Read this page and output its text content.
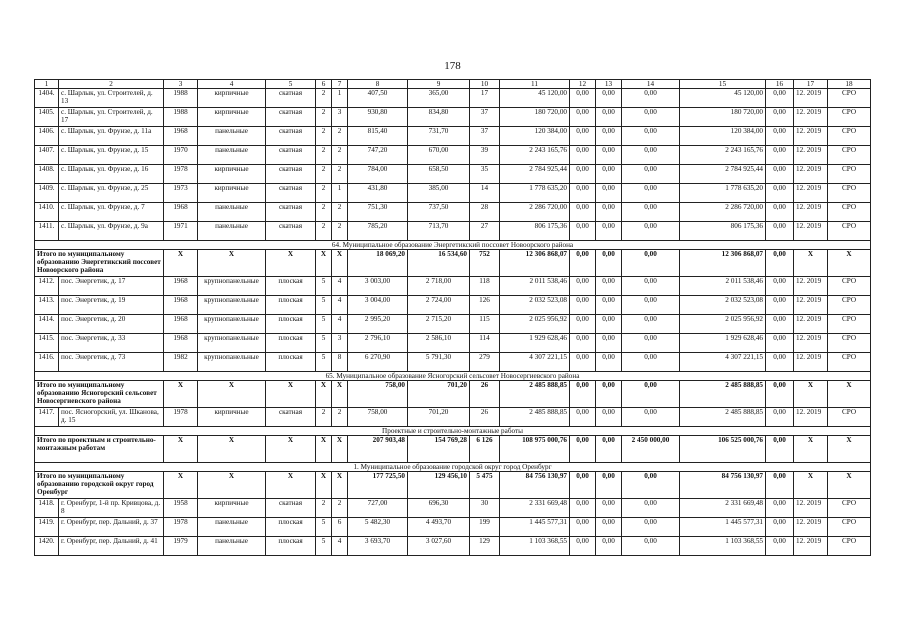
178
1	2	3	4	5	6	7	8	9	10	11	12	13	14	15	16	17	18
1404.	с. Шарлык, ул. Строителей, д. 13	1988	кирпичные	скатная	2	1	407,50	365,00	17	45 120,00	0,00	0,00	0,00	45 120,00	0,00	12. 2019	СРО
1405.	с. Шарлык, ул. Строителей, д. 17	1988	кирпичные	скатная	2	3	930,80	834,80	37	180 720,00	0,00	0,00	0,00	180 720,00	0,00	12. 2019	СРО
1406.	с. Шарлык, ул. Фрунзе, д. 11а	1968	панельные	скатная	2	2	815,40	731,70	37	120 384,00	0,00	0,00	0,00	120 384,00	0,00	12. 2019	СРО
1407.	с. Шарлык, ул. Фрунзе, д. 15	1970	панельные	скатная	2	2	747,20	670,00	39	2 243 165,76	0,00	0,00	0,00	2 243 165,76	0,00	12. 2019	СРО
1408.	с. Шарлык, ул. Фрунзе, д. 16	1978	кирпичные	скатная	2	2	784,00	658,50	35	2 784 925,44	0,00	0,00	0,00	2 784 925,44	0,00	12. 2019	СРО
1409.	с. Шарлык, ул. Фрунзе, д. 25	1973	кирпичные	скатная	2	1	431,80	385,00	14	1 778 635,20	0,00	0,00	0,00	1 778 635,20	0,00	12. 2019	СРО
1410.	с. Шарлык, ул. Фрунзе, д. 7	1968	панельные	скатная	2	2	751,30	737,50	28	2 286 720,00	0,00	0,00	0,00	2 286 720,00	0,00	12. 2019	СРО
1411.	с. Шарлык, ул. Фрунзе, д. 9а	1971	панельные	скатная	2	2	785,20	713,70	27	806 175,36	0,00	0,00	0,00	806 175,36	0,00	12. 2019	СРО
64. Муниципальное образование Энергетикский поссовет Новоорского района																	
Итого по муниципальному образованию Энергетикский поссовет Новоорского района		X	X	X	X	X	18 069,20	16 534,60	752	12 306 868,07	0,00	0,00	0,00	12 306 868,07	0,00	X	X
1412.	пос. Энергетик, д. 17	1968	крупнопанельные	плоская	5	4	3 003,00	2 718,00	118	2 011 538,46	0,00	0,00	0,00	2 011 538,46	0,00	12. 2019	СРО
1413.	пос. Энергетик, д. 19	1968	крупнопанельные	плоская	5	4	3 004,00	2 724,00	126	2 032 523,08	0,00	0,00	0,00	2 032 523,08	0,00	12. 2019	СРО
1414.	пос. Энергетик, д. 20	1968	крупнопанельные	плоская	5	4	2 995,20	2 715,20	115	2 025 956,92	0,00	0,00	0,00	2 025 956,92	0,00	12. 2019	СРО
1415.	пос. Энергетик, д. 33	1968	крупнопанельные	плоская	5	3	2 796,10	2 586,10	114	1 929 628,46	0,00	0,00	0,00	1 929 628,46	0,00	12. 2019	СРО
1416.	пос. Энергетик, д. 73	1982	крупнопанельные	плоская	5	8	6 270,90	5 791,30	279	4 307 221,15	0,00	0,00	0,00	4 307 221,15	0,00	12. 2019	СРО
65. Муниципальное образование Ясногорский сельсовет Новосергиевского района																	
Итого по муниципальному образованию Ясногорский сельсовет Новосергиевского района		X	X	X	X	X	758,00	701,20	26	2 485 888,85	0,00	0,00	0,00	2 485 888,85	0,00	X	X
1417.	пос. Ясногорский, ул. Шканова, д. 15	1978	кирпичные	скатная	2	2	758,00	701,20	26	2 485 888,85	0,00	0,00	0,00	2 485 888,85	0,00	12. 2019	СРО
Проектные и строительно-монтажные работы																	
Итого по проектным и строительно-монтажным работам		X	X	X	X	X	207 903,48	154 769,28	6 126	108 975 000,76	0,00	0,00	2 450 000,00	106 525 000,76	0,00	X	X
1. Муниципальное образование городской округ город Оренбург																	
Итого по муниципальному образованию городской округ город Оренбург		X	X	X	X	X	177 725,50	129 456,10	5 475	84 756 130,97	0,00	0,00	0,00	84 756 130,97	0,00	X	X
1418.	г. Оренбург, 1-й пр. Кривцова, д. 8	1958	кирпичные	скатная	2	2	727,00	696,30	30	2 331 669,48	0,00	0,00	0,00	2 331 669,48	0,00	12. 2019	СРО
1419.	г. Оренбург, пер. Дальний, д. 37	1978	панельные	плоская	5	6	5 482,30	4 493,70	199	1 445 577,31	0,00	0,00	0,00	1 445 577,31	0,00	12. 2019	СРО
1420.	г. Оренбург, пер. Дальний, д. 41	1979	панельные	плоская	5	4	3 693,70	3 027,60	129	1 103 368,55	0,00	0,00	0,00	1 103 368,55	0,00	12. 2019	СРО
